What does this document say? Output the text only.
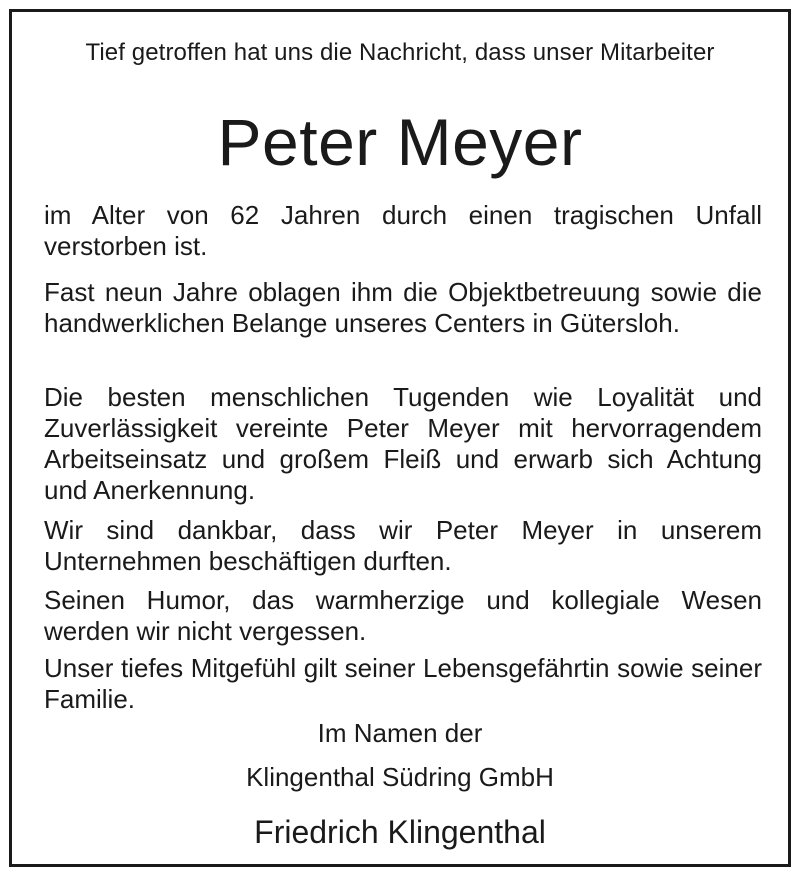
Tief getroffen hat uns die Nachricht, dass unser Mitarbeiter
Peter Meyer

im Alter von 62 Jahren durch einen tragischen Unfall verstorben ist.

Fast neun Jahre oblagen ihm die Objektbetreuung sowie die handwerklichen Belange unseres Centers in Gütersloh.

Die besten menschlichen Tugenden wie Loyalität und Zuverlässigkeit vereinte Peter Meyer mit hervorragendem Arbeitseinsatz und großem Fleiß und erwarb sich Achtung und Anerkennung.

Wir sind dankbar, dass wir Peter Meyer in unserem Unternehmen beschäftigen durften.

Seinen Humor, das warmherzige und kollegiale Wesen werden wir nicht vergessen.

Unser tiefes Mitgefühl gilt seiner Lebensgefährtin sowie seiner Familie.

Im Namen der
Klingenthal Südring GmbH
Friedrich Klingenthal
